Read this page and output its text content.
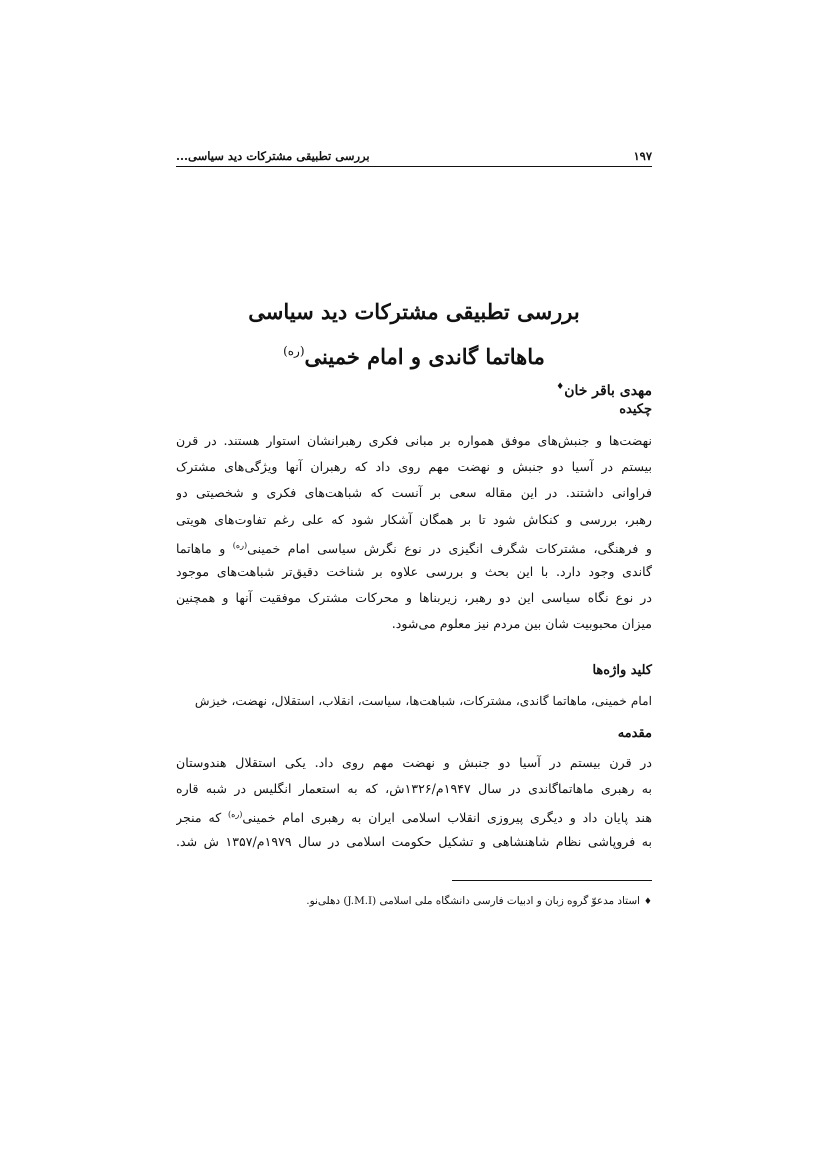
۱۹۷
بررسی تطبیقی مشترکات دید سیاسی...
بررسی تطبیقی مشترکات دید سیاسی
ماهاتما گاندی و امام خمینی$^{(ره)}$
مهدی باقر خان♦
چکیده
نهضت‌ها و جنبش‌های موفق همواره بر مبانی فکری رهبرانشان استوار هستند. در قرن
بیستم در آسیا دو جنبش و نهضت مهم روی داد که رهبران آنها ویژگی‌های مشترک
فراوانی داشتند. در این مقاله سعی بر آنست که شباهت‌های فکری و شخصیتی دو
رهبر، بررسی و کنکاش شود تا بر همگان آشکار شود که علی رغم تفاوت‌های هویتی
و فرهنگی، مشترکات شگرف انگیزی در نوع نگرش سیاسی امام خمینی$^{(ره)}$ و ماهاتما
گاندی وجود دارد. با این بحث و بررسی علاوه بر شناخت دقیق‌تر شباهت‌های موجود
در نوع نگاه سیاسی این دو رهبر، زیربناها و محرکات مشترک موفقیت آنها و همچنین
میزان محبوبیت شان بین مردم نیز معلوم می‌شود.
کلید واژه‌ها

امام خمینی، ماهاتما گاندی، مشترکات، شباهت‌ها، سیاست، انقلاب، استقلال، نهضت، خیزش

مقدمه
در قرن بیستم در آسیا دو جنبش و نهضت مهم روی داد. یکی استقلال هندوستان
به رهبری ماهاتماگاندی در سال ۱۹۴۷م/۱۳۲۶ش، که به استعمار انگلیس در شبه قاره
هند پایان داد و دیگری پیروزی انقلاب اسلامی ایران به رهبری امام خمینی$^{(ره)}$ که منجر
به فروپاشی نظام شاهنشاهی و تشکیل حکومت اسلامی در سال ۱۹۷۹م/۱۳۵۷ ش شد.

♦استاد مدعوّ گروه زبان و ادبیات فارسی دانشگاه ملی اسلامی (J.M.I) دهلی‌نو.
